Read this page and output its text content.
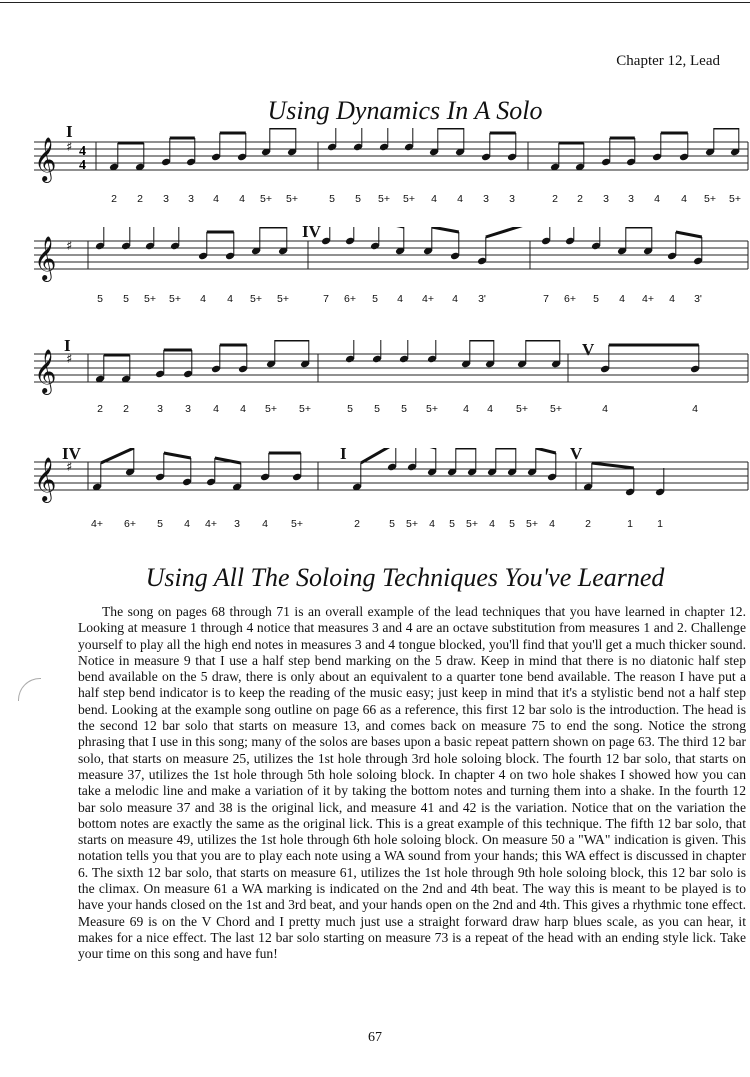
Chapter 12, Lead
Using Dynamics In A Solo
I
𝄞 ♯ 4
4
2 2 3 3 4 4 5+ 5+	5 5 5+ 5+ 4 4 3 3	2 2 3 3 4 4 5+ 5+
IV
𝄞 ♯
5 5 5+ 5+ 4 4 5+ 5+	7 6+ 5 4 4+ 4 3'	7 6+ 5 4 4+ 4 3'
I	V
𝄞 ♯
2 2	3 3 4 4 5+ 5+	5 5 5 5+ 4 4 5+ 5+	4	4
IV	I	V
𝄞 ♯
4+ 6+ 5 4 4+ 3 4 5+	2	5 5+ 4 5 5+ 4 5 5+ 4	2	1 1
Using All The Soloing Techniques You've Learned

The song on pages 68 through 71 is an overall example of the lead techniques that you have learned in chapter 12. Looking at measure 1 through 4 notice that measures 3 and 4 are an octave substitution from measures 1 and 2. Challenge yourself to play all the high end notes in measures 3 and 4 tongue blocked, you'll find that you'll get a much thicker sound. Notice in measure 9 that I use a half step bend marking on the 5 draw. Keep in mind that there is no diatonic half step bend available on the 5 draw, there is only about an equivalent to a quarter tone bend available. The reason I have put a half step bend indicator is to keep the reading of the music easy; just keep in mind that it's a stylistic bend not a half step bend. Looking at the example song outline on page 66 as a reference, this first 12 bar solo is the introduction. The head is the second 12 bar solo that starts on measure 13, and comes back on measure 75 to end the song. Notice the strong phrasing that I use in this song; many of the solos are bases upon a basic repeat pattern shown on page 63. The third 12 bar solo, that starts on measure 25, utilizes the 1st hole through 3rd hole soloing block. The fourth 12 bar solo, that starts on measure 37, utilizes the 1st hole through 5th hole soloing block. In chapter 4 on two hole shakes I showed how you can take a melodic line and make a variation of it by taking the bottom notes and turning them into a shake. In the fourth 12 bar solo measure 37 and 38 is the original lick, and measure 41 and 42 is the variation. Notice that on the variation the bottom notes are exactly the same as the original lick. This is a great example of this technique. The fifth 12 bar solo, that starts on measure 49, utilizes the 1st hole through 6th hole soloing block. On measure 50 a "WA" indication is given. This notation tells you that you are to play each note using a WA sound from your hands; this WA effect is discussed in chapter 6. The sixth 12 bar solo, that starts on measure 61, utilizes the 1st hole through 9th hole soloing block, this 12 bar solo is the climax. On measure 61 a WA marking is indicated on the 2nd and 4th beat. The way this is meant to be played is to have your hands closed on the 1st and 3rd beat, and your hands open on the 2nd and 4th. This gives a rhythmic tone effect. Measure 69 is on the V Chord and I pretty much just use a straight forward draw harp blues scale, as you can hear, it makes for a nice effect. The last 12 bar solo starting on measure 73 is a repeat of the head with an ending style lick. Take your time on this song and have fun!

67
